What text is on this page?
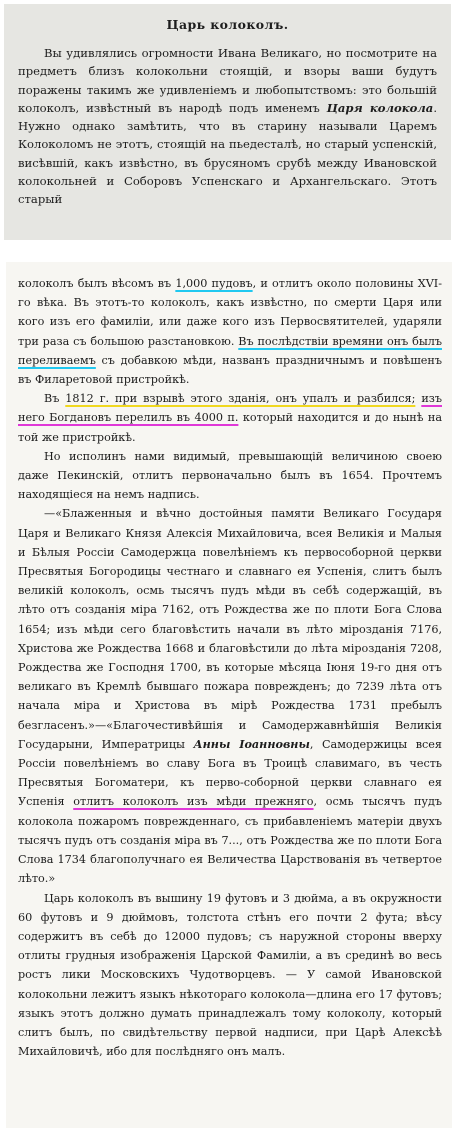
Царь колоколъ.

Вы удивлялись огромности Ивана Великаго, но посмотрите на предметъ близъ колокольни стоящiй, и взоры ваши будутъ поражены такимъ же удивленiемъ и любопытствомъ: это большiй колоколъ, извѣстный въ народѣ подъ именемъ Царя колокола. Нужно однако замѣтить, что въ старину называли Царемъ Колоколомъ не этотъ, стоящiй на пьедесталѣ, но старый успенскiй, висѣвшiй, какъ извѣстно, въ брусяномъ срубѣ между Ивановской колокольней и Соборовъ Успенскаго и Архангельскаго. Этотъ старый

колоколъ былъ вѣсомъ въ 1,000 пудовъ, и отлитъ около половины XVI-го вѣка. Въ этотъ-то колоколъ, какъ извѣстно, по смерти Царя или кого изъ его фамилiи, или даже кого изъ Первосвятителей, ударяли три раза съ большою разстановкою. Въ послѣдствiи времяни онъ былъ переливаемъ съ добавкою мѣди, названъ праздничнымъ и повѣшенъ въ Филаретовой пристройкѣ.

Въ 1812 г. при взрывѣ этого зданiя, онъ упалъ и разбился; изъ него Богдановъ перелилъ въ 4000 п. который находится и до нынѣ на той же пристройкѣ.

Но исполинъ нами видимый, превышающiй величиною своею даже Пекинскiй, отлитъ первоначально былъ въ 1654. Прочтемъ находящiеся на немъ надпись.

—«Блаженныя и вѣчно достойныя памяти Великаго Государя Царя и Великаго Князя Алексiя Михайловича, всея Великiя и Малыя и Бѣлыя Россiи Самодержца повелѣнiемъ къ первособорной церкви Пресвятыя Богородицы честнаго и славнаго ея Успенiя, слитъ былъ великiй колоколъ, осмь тысячъ пудъ мѣди въ себѣ содержащiй, въ лѣто отъ созданiя мiра 7162, отъ Рождества же по плоти Бога Слова 1654; изъ мѣди сего благовѣстить начали въ лѣто мiрозданiя 7176, Христова же Рождества 1668 и благовѣстили до лѣта мiрозданiя 7208, Рождества же Господня 1700, въ которые мѣсяца Iюня 19-го дня отъ великаго въ Кремлѣ бывшаго пожара поврежденъ; до 7239 лѣта отъ начала мiра и Христова въ мiрѣ Рождества 1731 пребылъ безгласенъ.»—«Благочестивѣйшiя и Самодержавнѣйшiя Великiя Государыни, Императрицы Анны Iоанновны, Самодержицы всея Россiи повелѣнiемъ во славу Бога въ Троицѣ славимаго, въ честь Пресвятыя Богоматери, къ перво-соборной церкви славнаго ея Успенiя отлитъ колоколъ изъ мѣди прежняго, осмь тысячъ пудъ колокола пожаромъ поврежденнаго, съ прибавленiемъ матерiи двухъ тысячъ пудъ отъ созданiя мiра въ 7..., отъ Рождества же по плоти Бога Слова 1734 благополучнаго ея Величества Царствованiя въ четвертое лѣто.»

Царь колоколъ въ вышину 19 футовъ и 3 дюйма, а въ окружности 60 футовъ и 9 дюймовъ, толстота стѣнъ его почти 2 фута; вѣсу содержитъ въ себѣ до 12000 пудовъ; съ наружной стороны вверху отлиты грудныя изображенiя Царской Фамилiи, а въ срединѣ во весь ростъ лики Московскихъ Чудотворцевъ. — У самой Ивановской колокольни лежитъ языкъ нѣкотораго колокола—длина его 17 футовъ; языкъ этотъ должно думать принадлежалъ тому колоколу, который слитъ былъ, по свидѣтельству первой надписи, при Царѣ Алексѣѣ Михайловичѣ, ибо для послѣдняго онъ малъ.
